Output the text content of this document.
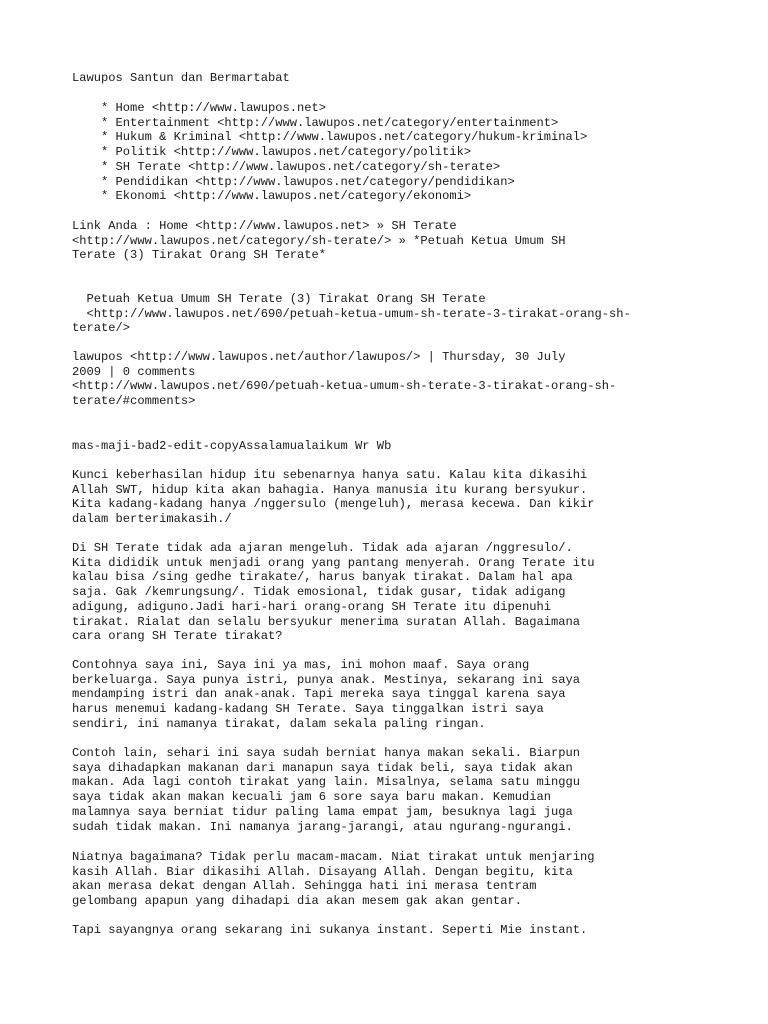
Lawupos Santun dan Bermartabat
* Home <http://www.lawupos.net>
* Entertainment <http://www.lawupos.net/category/entertainment>
* Hukum & Kriminal <http://www.lawupos.net/category/hukum-kriminal>
* Politik <http://www.lawupos.net/category/politik>
* SH Terate <http://www.lawupos.net/category/sh-terate>
* Pendidikan <http://www.lawupos.net/category/pendidikan>
* Ekonomi <http://www.lawupos.net/category/ekonomi>
Link Anda : Home <http://www.lawupos.net> » SH Terate
<http://www.lawupos.net/category/sh-terate/> » *Petuah Ketua Umum SH
Terate (3) Tirakat Orang SH Terate*
Petuah Ketua Umum SH Terate (3) Tirakat Orang SH Terate
<http://www.lawupos.net/690/petuah-ketua-umum-sh-terate-3-tirakat-orang-sh-
terate/>
lawupos <http://www.lawupos.net/author/lawupos/> | Thursday, 30 July
2009 | 0 comments
<http://www.lawupos.net/690/petuah-ketua-umum-sh-terate-3-tirakat-orang-sh-
terate/#comments>
mas-maji-bad2-edit-copyAssalamualaikum Wr Wb
Kunci keberhasilan hidup itu sebenarnya hanya satu. Kalau kita dikasihi
Allah SWT, hidup kita akan bahagia. Hanya manusia itu kurang bersyukur.
Kita kadang-kadang hanya /nggersulo (mengeluh), merasa kecewa. Dan kikir
dalam berterimakasih./
Di SH Terate tidak ada ajaran mengeluh. Tidak ada ajaran /nggresulo/.
Kita dididik untuk menjadi orang yang pantang menyerah. Orang Terate itu
kalau bisa /sing gedhe tirakate/, harus banyak tirakat. Dalam hal apa
saja. Gak /kemrungsung/. Tidak emosional, tidak gusar, tidak adigang
adigung, adiguno.Jadi hari-hari orang-orang SH Terate itu dipenuhi
tirakat. Rialat dan selalu bersyukur menerima suratan Allah. Bagaimana
cara orang SH Terate tirakat?
Contohnya saya ini, Saya ini ya mas, ini mohon maaf. Saya orang
berkeluarga. Saya punya istri, punya anak. Mestinya, sekarang ini saya
mendamping istri dan anak-anak. Tapi mereka saya tinggal karena saya
harus menemui kadang-kadang SH Terate. Saya tinggalkan istri saya
sendiri, ini namanya tirakat, dalam sekala paling ringan.
Contoh lain, sehari ini saya sudah berniat hanya makan sekali. Biarpun
saya dihadapkan makanan dari manapun saya tidak beli, saya tidak akan
makan. Ada lagi contoh tirakat yang lain. Misalnya, selama satu minggu
saya tidak akan makan kecuali jam 6 sore saya baru makan. Kemudian
malamnya saya berniat tidur paling lama empat jam, besuknya lagi juga
sudah tidak makan. Ini namanya jarang-jarangi, atau ngurang-ngurangi.
Niatnya bagaimana? Tidak perlu macam-macam. Niat tirakat untuk menjaring
kasih Allah. Biar dikasihi Allah. Disayang Allah. Dengan begitu, kita
akan merasa dekat dengan Allah. Sehingga hati ini merasa tentram
gelombang apapun yang dihadapi dia akan mesem gak akan gentar.
Tapi sayangnya orang sekarang ini sukanya instant. Seperti Mie instant.
